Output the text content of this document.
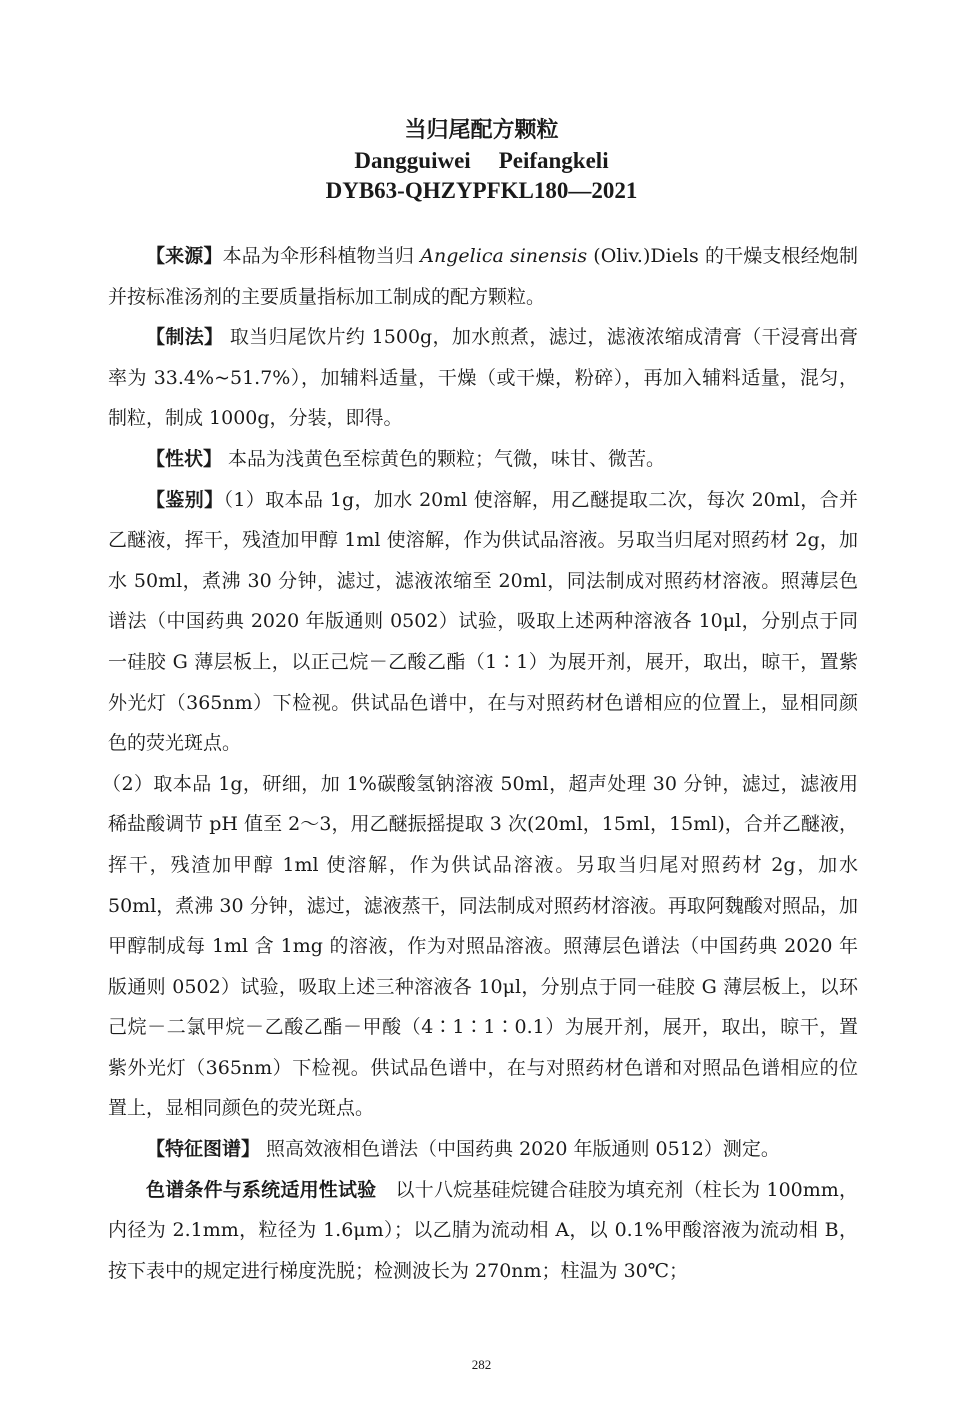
当归尾配方颗粒
Dangguiwei Peifangkeli
DYB63-QHZYPFKL180—2021

【来源】本品为伞形科植物当归 Angelica sinensis (Oliv.)Diels 的干燥支根经炮制并按标准汤剂的主要质量指标加工制成的配方颗粒。

【制法】 取当归尾饮片约 1500g，加水煎煮，滤过，滤液浓缩成清膏（干浸膏出膏率为 33.4%~51.7%），加辅料适量，干燥（或干燥，粉碎），再加入辅料适量，混匀，制粒，制成 1000g，分装，即得。

【性状】 本品为浅黄色至棕黄色的颗粒；气微，味甘、微苦。

【鉴别】（1）取本品 1g，加水 20ml 使溶解，用乙醚提取二次，每次 20ml，合并乙醚液，挥干，残渣加甲醇 1ml 使溶解，作为供试品溶液。另取当归尾对照药材 2g，加水 50ml，煮沸 30 分钟，滤过，滤液浓缩至 20ml，同法制成对照药材溶液。照薄层色谱法（中国药典 2020 年版通则 0502）试验，吸取上述两种溶液各 10μl，分别点于同一硅胶 G 薄层板上，以正己烷－乙酸乙酯（1∶1）为展开剂，展开，取出，晾干，置紫外光灯（365nm）下检视。供试品色谱中，在与对照药材色谱相应的位置上，显相同颜色的荧光斑点。

（2）取本品 1g，研细，加 1%碳酸氢钠溶液 50ml，超声处理 30 分钟，滤过，滤液用稀盐酸调节 pH 值至 2～3，用乙醚振摇提取 3 次(20ml，15ml，15ml)，合并乙醚液，挥干，残渣加甲醇 1ml 使溶解，作为供试品溶液。另取当归尾对照药材 2g，加水 50ml，煮沸 30 分钟，滤过，滤液蒸干，同法制成对照药材溶液。再取阿魏酸对照品，加甲醇制成每 1ml 含 1mg 的溶液，作为对照品溶液。照薄层色谱法（中国药典 2020 年版通则 0502）试验，吸取上述三种溶液各 10μl，分别点于同一硅胶 G 薄层板上，以环己烷－二氯甲烷－乙酸乙酯－甲酸（4∶1∶1∶0.1）为展开剂，展开，取出，晾干，置紫外光灯（365nm）下检视。供试品色谱中，在与对照药材色谱和对照品色谱相应的位置上，显相同颜色的荧光斑点。

【特征图谱】 照高效液相色谱法（中国药典 2020 年版通则 0512）测定。

色谱条件与系统适用性试验　以十八烷基硅烷键合硅胶为填充剂（柱长为 100mm，内径为 2.1mm，粒径为 1.6μm）；以乙腈为流动相 A，以 0.1%甲酸溶液为流动相 B，按下表中的规定进行梯度洗脱；检测波长为 270nm；柱温为 30℃；

282
